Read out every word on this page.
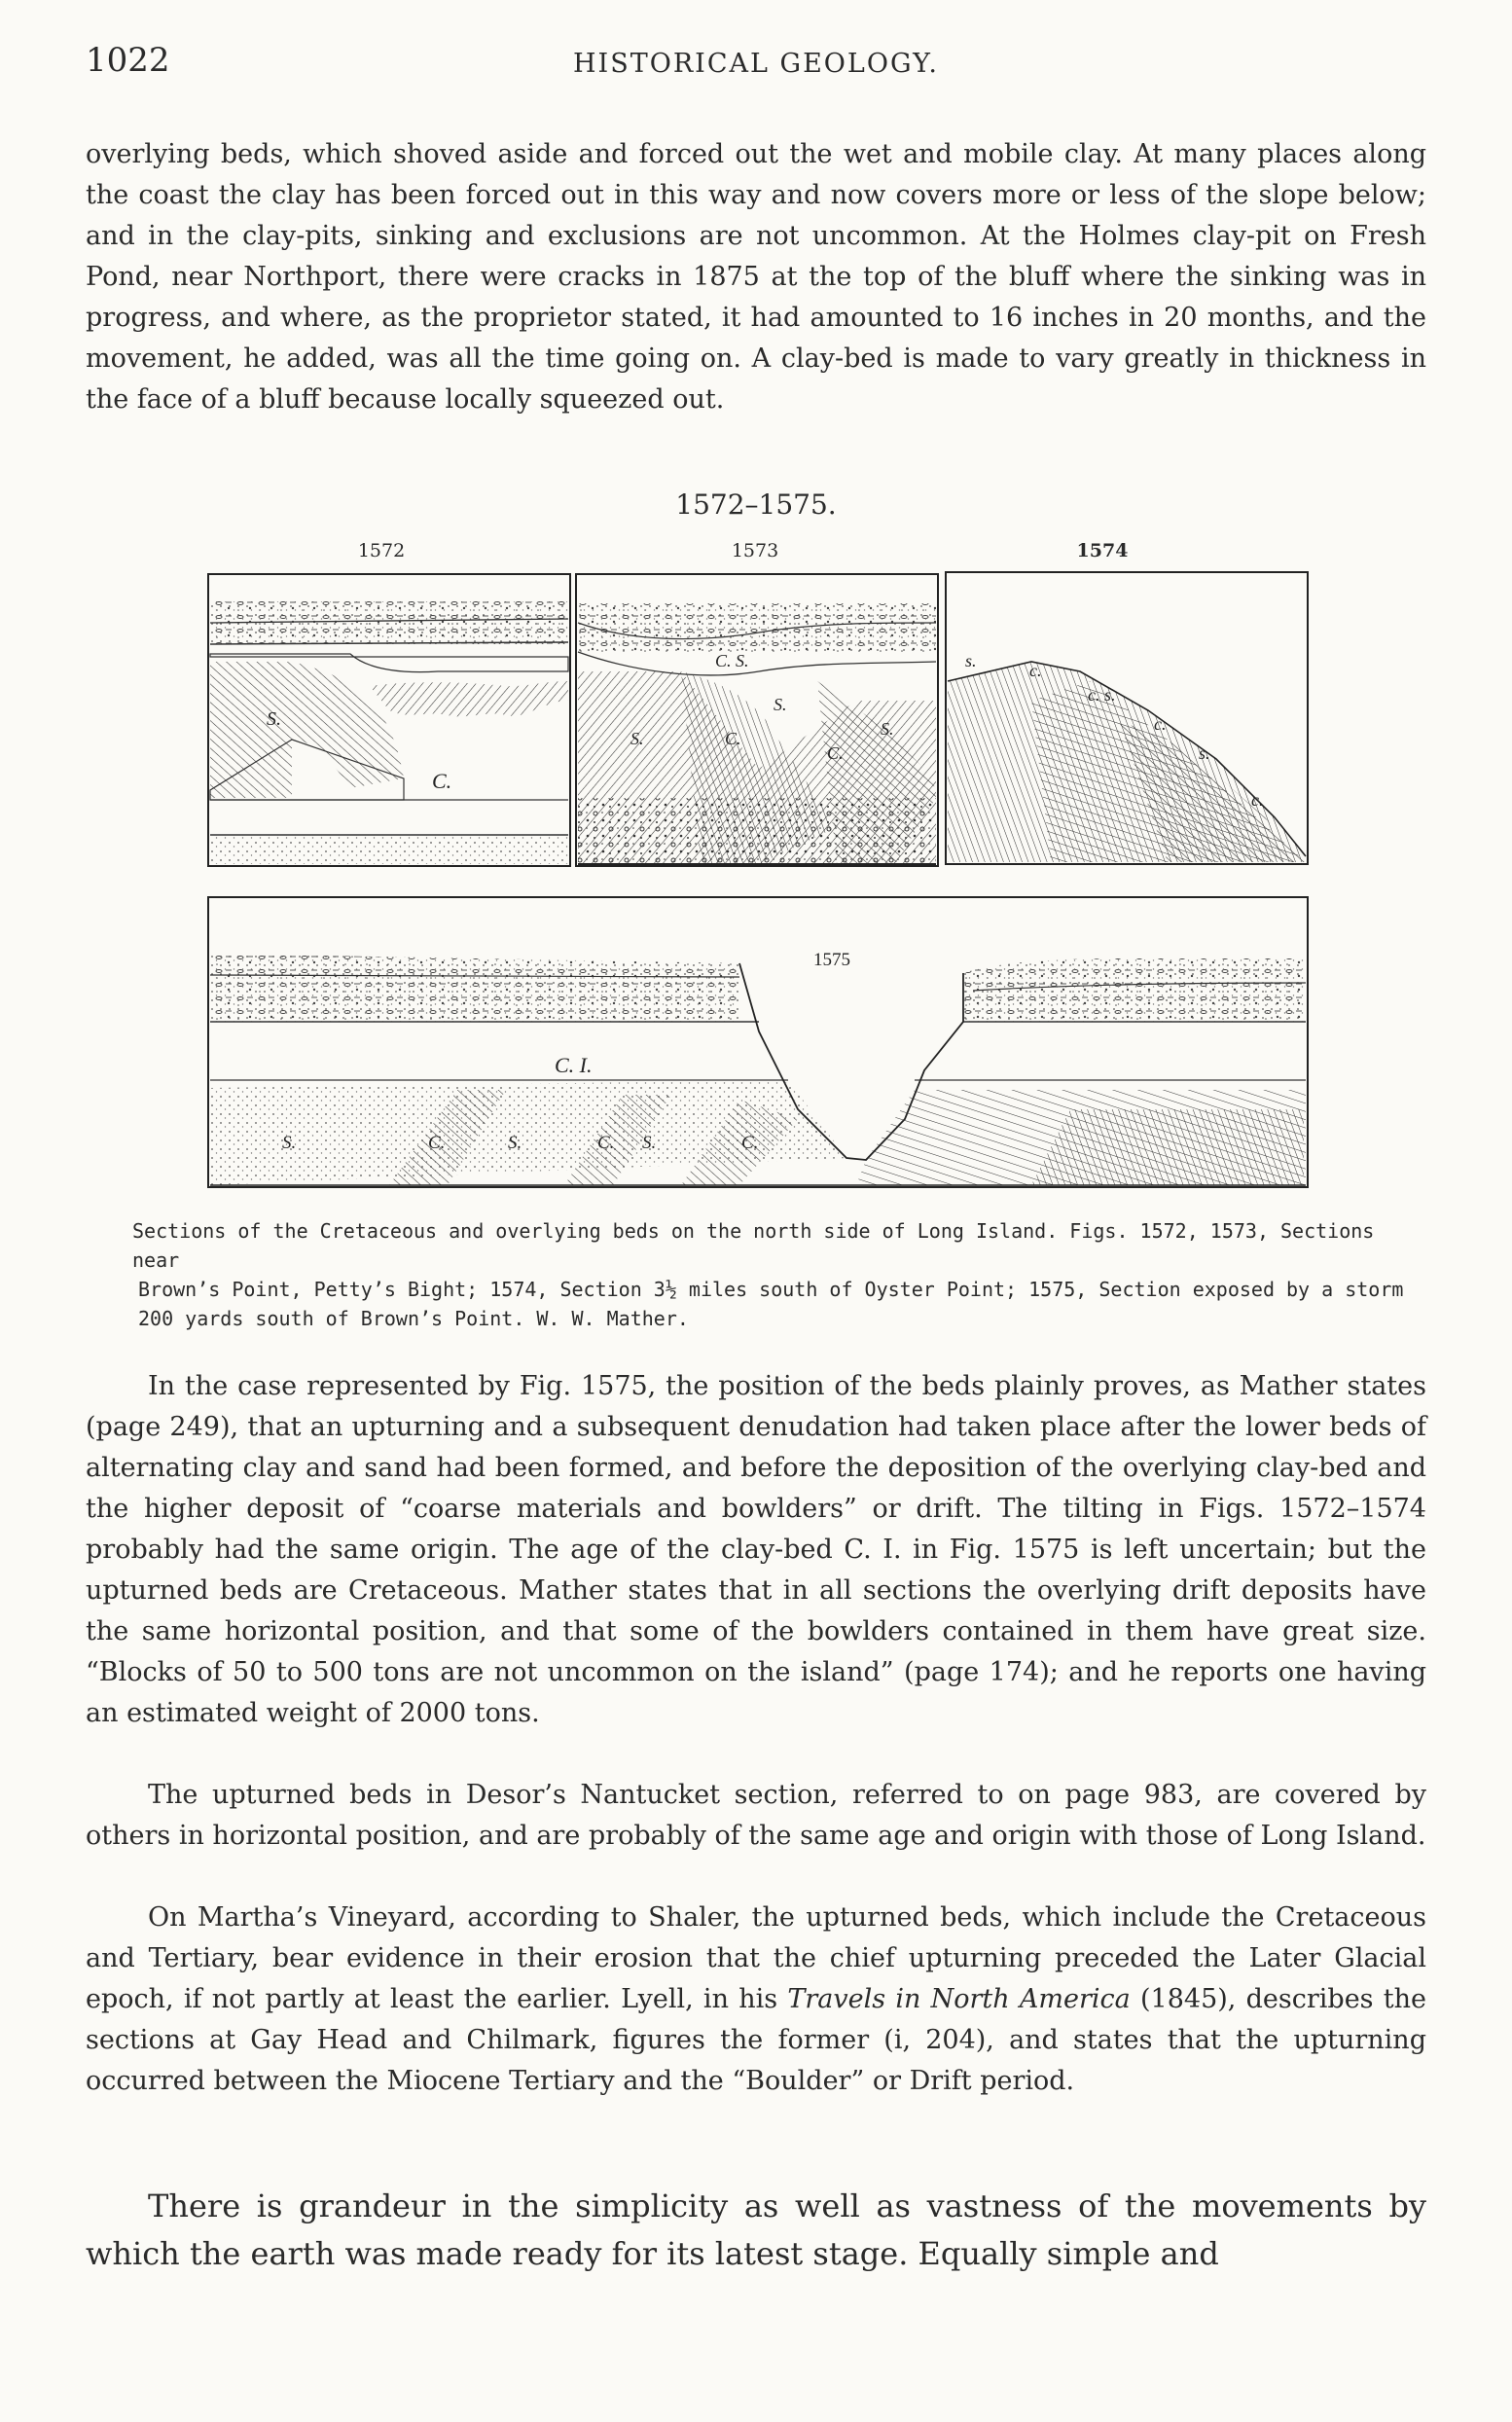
1022	HISTORICAL GEOLOGY.

overlying beds, which shoved aside and forced out the wet and mobile clay. At many places along the coast the clay has been forced out in this way and now covers more or less of the slope below; and in the clay-pits, sinking and exclusions are not uncommon. At the Holmes clay-pit on Fresh Pond, near Northport, there were cracks in 1875 at the top of the bluff where the sinking was in progress, and where, as the proprietor stated, it had amounted to 16 inches in 20 months, and the movement, he added, was all the time going on. A clay-bed is made to vary greatly in thickness in the face of a bluff because locally squeezed out.

1572–1575.
1572	1573	1574
S.
C.
C. S.
S.
S.
S.
C.
C.
s.	c.
c. s.
c.
s.
c.
1575
C. I.
S.	C.	S.	C. S.	C.
Sections of the Cretaceous and overlying beds on the north side of Long Island. Figs. 1572, 1573, Sections near
Brown’s Point, Petty’s Bight; 1574, Section 3½ miles south of Oyster Point; 1575, Section exposed by a storm
200 yards south of Brown’s Point. W. W. Mather.

In the case represented by Fig. 1575, the position of the beds plainly proves, as Mather states (page 249), that an upturning and a subsequent denudation had taken place after the lower beds of alternating clay and sand had been formed, and before the deposition of the overlying clay-bed and the higher deposit of “coarse materials and bowlders” or drift. The tilting in Figs. 1572–1574 probably had the same origin. The age of the clay-bed C. I. in Fig. 1575 is left uncertain; but the upturned beds are Cretaceous. Mather states that in all sections the overlying drift deposits have the same horizontal position, and that some of the bowlders contained in them have great size. “Blocks of 50 to 500 tons are not uncommon on the island” (page 174); and he reports one having an estimated weight of 2000 tons.

The upturned beds in Desor’s Nantucket section, referred to on page 983, are covered by others in horizontal position, and are probably of the same age and origin with those of Long Island.

On Martha’s Vineyard, according to Shaler, the upturned beds, which include the Cretaceous and Tertiary, bear evidence in their erosion that the chief upturning preceded the Later Glacial epoch, if not partly at least the earlier. Lyell, in his Travels in North America (1845), describes the sections at Gay Head and Chilmark, figures the former (i, 204), and states that the upturning occurred between the Miocene Tertiary and the “Boulder” or Drift period.

There is grandeur in the simplicity as well as vastness of the movements by which the earth was made ready for its latest stage. Equally simple and
